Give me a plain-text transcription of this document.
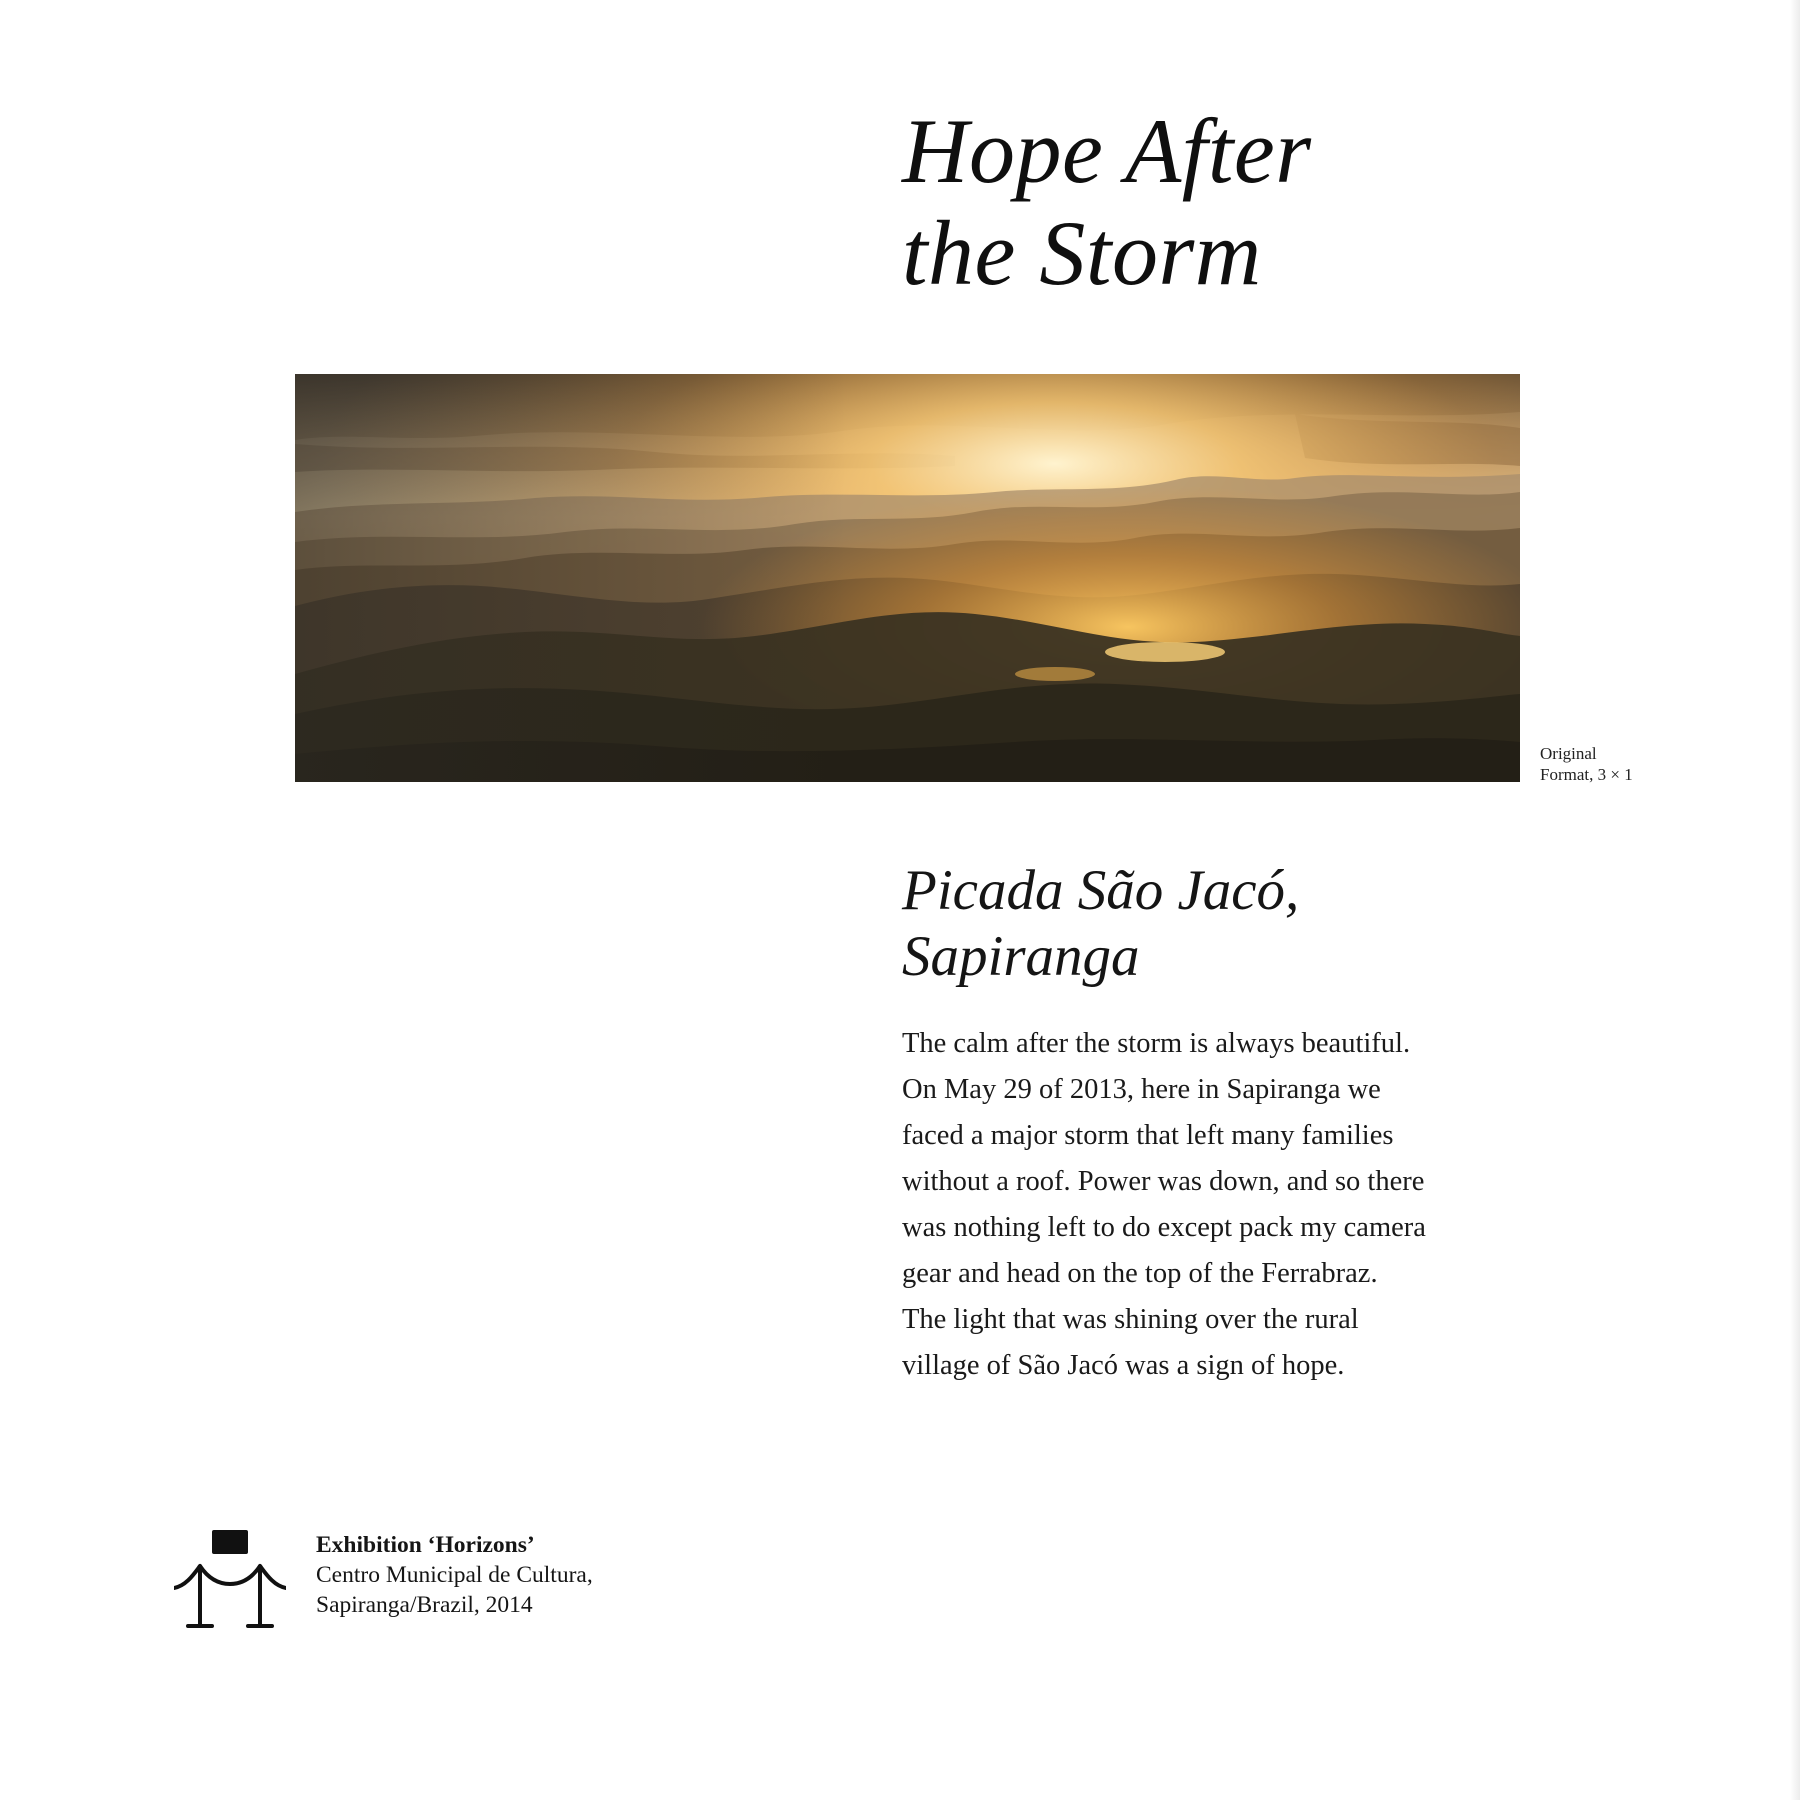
Hope After
the Storm

Original
Format, 3 × 1

Picada São Jacó,
Sapiranga

The calm after the storm is always beautiful.
On May 29 of 2013, here in Sapiranga we
faced a major storm that left many families
without a roof. Power was down, and so there
was nothing left to do except pack my camera
gear and head on the top of the Ferrabraz.
The light that was shining over the rural
village of São Jacó was a sign of hope.

Exhibition ‘Horizons’
Centro Municipal de Cultura,
Sapiranga/Brazil, 2014
